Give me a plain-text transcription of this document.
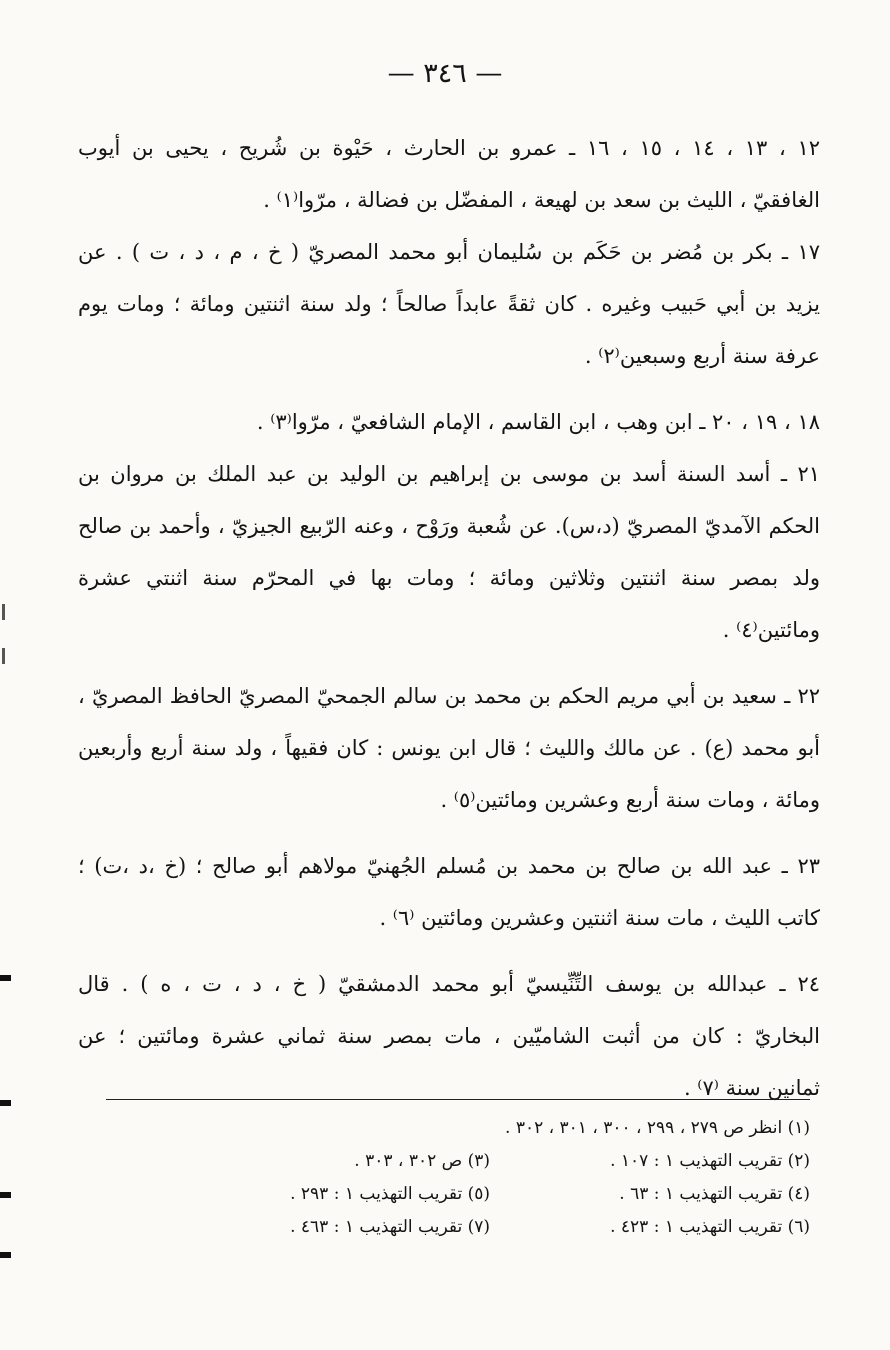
— ٣٤٦ —
١٢ ، ١٣ ، ١٤ ، ١٥ ، ١٦ ـ عمرو بن الحارث ، حَيْوة بن شُريح ، يحيى بن أيوب
الغافقيّ ، الليث بن سعد بن لهيعة ، المفضّل بن فضالة ، مرّوا⁽١⁾ .
١٧ ـ بكر بن مُضر بن حَكَم بن سُليمان أبو محمد المصريّ ( خ ، م ، د ، ت ) . عن
يزيد بن أبي حَبيب وغيره . كان ثقةً عابداً صالحاً ؛ ولد سنة اثنتين ومائة ؛ ومات يوم
عرفة سنة أربع وسبعين⁽٢⁾ .
١٨ ، ١٩ ، ٢٠ ـ ابن وهب ، ابن القاسم ، الإمام الشافعيّ ، مرّوا⁽٣⁾ .
٢١ ـ أسد السنة أسد بن موسى بن إبراهيم بن الوليد بن عبد الملك بن مروان بن
الحكم الآمديّ المصريّ (د،س). عن شُعبة ورَوْح ، وعنه الرّبيع الجيزيّ ، وأحمد بن صالح
ولد بمصر سنة اثنتين وثلاثين ومائة ؛ ومات بها في المحرّم سنة اثنتي عشرة
ومائتين⁽٤⁾ .
٢٢ ـ سعيد بن أبي مريم الحكم بن محمد بن سالم الجمحيّ المصريّ الحافظ المصريّ ،
أبو محمد (ع) . عن مالك والليث ؛ قال ابن يونس : كان فقيهاً ، ولد سنة أربع وأربعين
ومائة ، ومات سنة أربع وعشرين ومائتين⁽٥⁾ .
٢٣ ـ عبد الله بن صالح بن محمد بن مُسلم الجُهنيّ مولاهم أبو صالح ؛ (خ ،د ،ت) ؛
كاتب الليث ، مات سنة اثنتين وعشرين ومائتين ⁽٦⁾ .
٢٤ ـ عبدالله بن يوسف التِّنِّيسيّ أبو محمد الدمشقيّ ( خ ، د ، ت ، ه ) . قال
البخاريّ : كان من أثبت الشاميّين ، مات بمصر سنة ثماني عشرة ومائتين ؛ عن
ثمانين سنة ⁽٧⁾ .
(١) انظر ص ٢٧٩ ، ٢٩٩ ، ٣٠٠ ، ٣٠١ ، ٣٠٢ .
(٢) تقريب التهذيب ١ : ١٠٧ .
(٣) ص ٣٠٢ ، ٣٠٣ .
(٤) تقريب التهذيب ١ : ٦٣ .
(٥) تقريب التهذيب ١ : ٢٩٣ .
(٦) تقريب التهذيب ١ : ٤٢٣ .
(٧) تقريب التهذيب ١ : ٤٦٣ .
